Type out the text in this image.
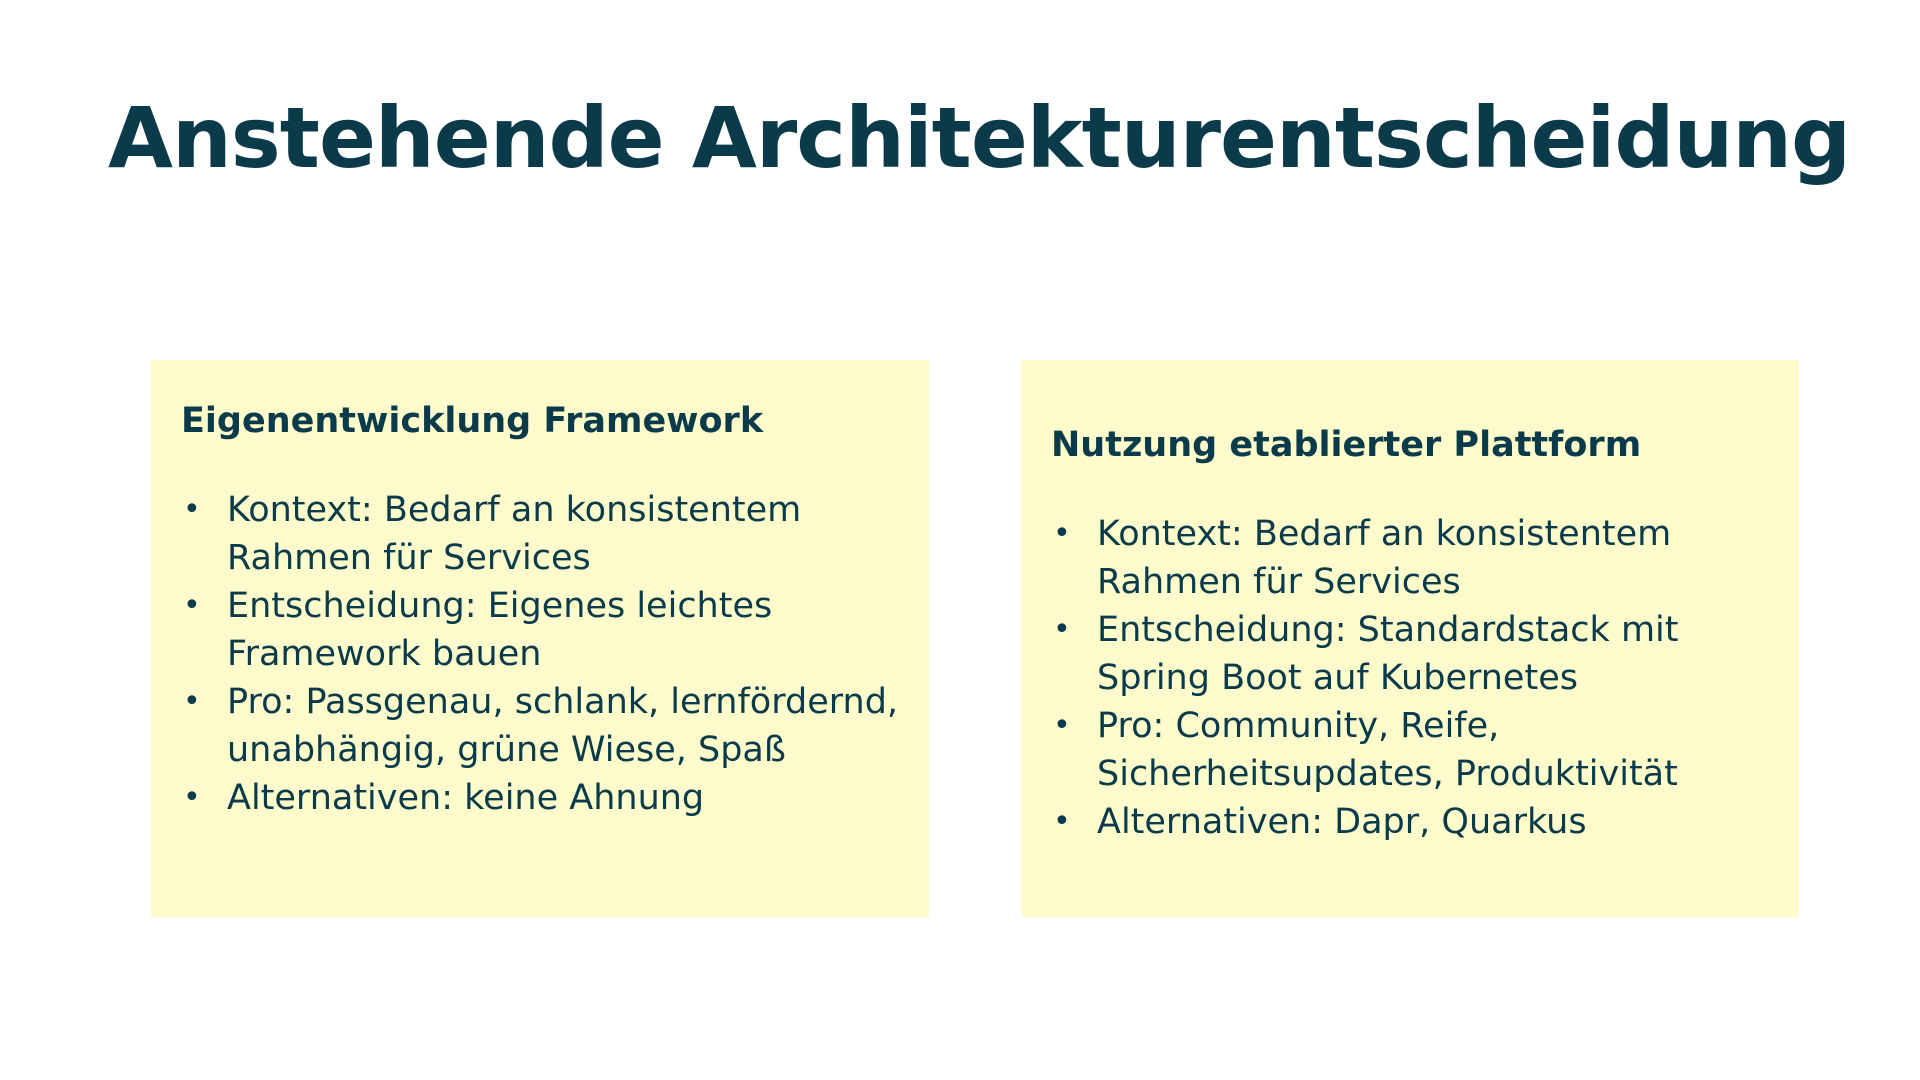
Anstehende Architekturentscheidung
Eigenentwicklung Framework
• Kontext: Bedarf an konsistentem Rahmen für Services
• Entscheidung: Eigenes leichtes Framework bauen
• Pro: Passgenau, schlank, lernfördernd, unabhängig, grüne Wiese, Spaß
• Alternativen: keine Ahnung
Nutzung etablierter Plattform
• Kontext: Bedarf an konsistentem Rahmen für Services
• Entscheidung: Standardstack mit Spring Boot auf Kubernetes
• Pro: Community, Reife, Sicherheitsupdates, Produktivität
• Alternativen: Dapr, Quarkus
